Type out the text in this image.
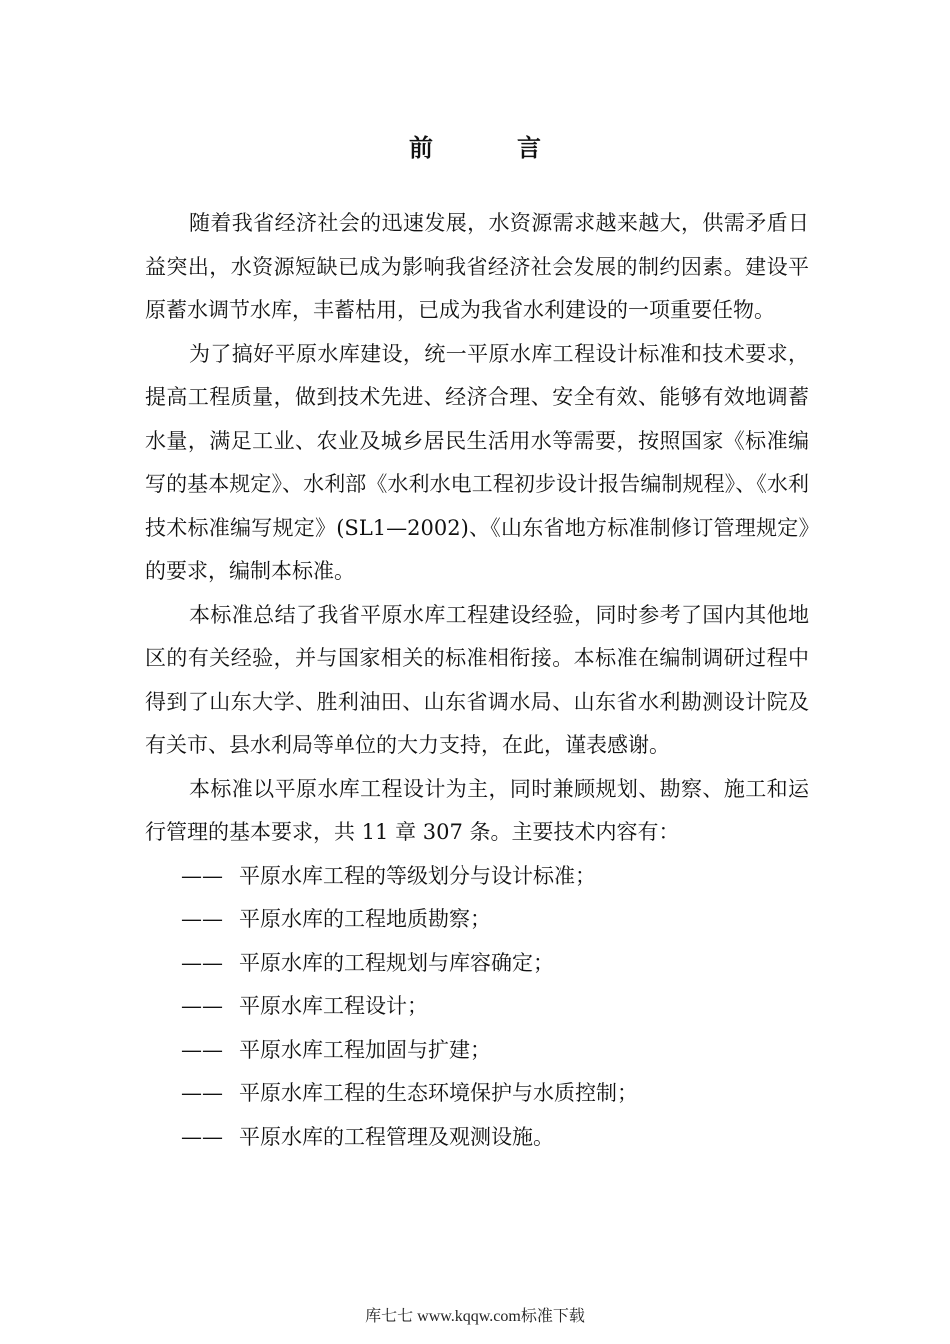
前　言

随着我省经济社会的迅速发展，水资源需求越来越大，供需矛盾日益突出，水资源短缺已成为影响我省经济社会发展的制约因素。建设平原蓄水调节水库，丰蓄枯用，已成为我省水利建设的一项重要任物。

为了搞好平原水库建设，统一平原水库工程设计标准和技术要求，提高工程质量，做到技术先进、经济合理、安全有效、能够有效地调蓄水量，满足工业、农业及城乡居民生活用水等需要，按照国家《标准编写的基本规定》、水利部《水利水电工程初步设计报告编制规程》、《水利技术标准编写规定》(SL1—2002)、《山东省地方标准制修订管理规定》的要求，编制本标准。

本标准总结了我省平原水库工程建设经验，同时参考了国内其他地区的有关经验，并与国家相关的标准相衔接。本标准在编制调研过程中得到了山东大学、胜利油田、山东省调水局、山东省水利勘测设计院及有关市、县水利局等单位的大力支持，在此，谨表感谢。

本标准以平原水库工程设计为主，同时兼顾规划、勘察、施工和运行管理的基本要求，共 11 章 307 条。主要技术内容有：

—— 平原水库工程的等级划分与设计标准；
—— 平原水库的工程地质勘察；
—— 平原水库的工程规划与库容确定；
—— 平原水库工程设计；
—— 平原水库工程加固与扩建；
—— 平原水库工程的生态环境保护与水质控制；
—— 平原水库的工程管理及观测设施。
库七七 www.kqqw.com标准下载
